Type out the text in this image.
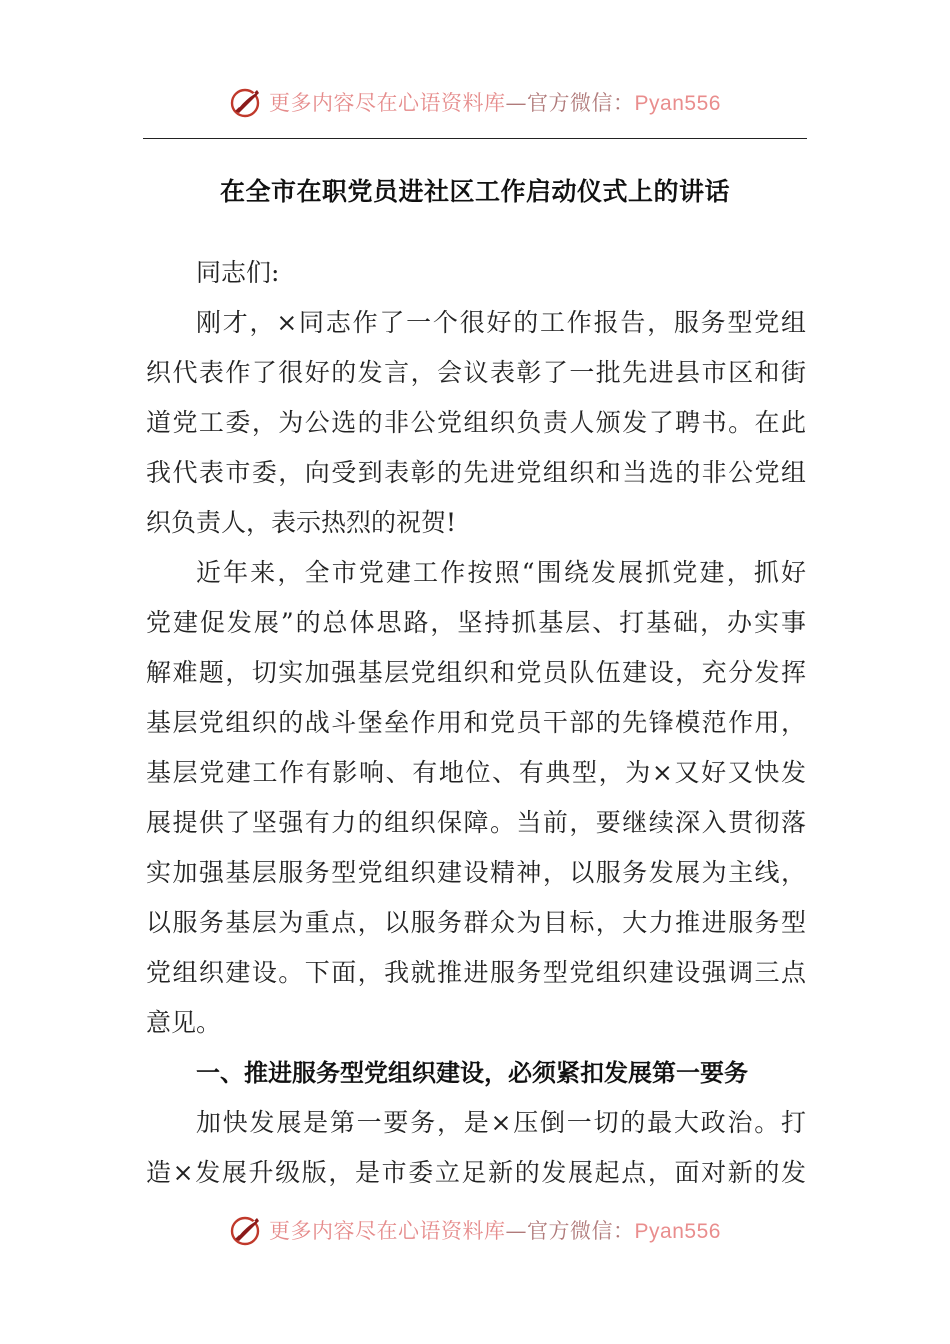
更多内容尽在心语资料库—官方微信：Pyan556
在全市在职党员进社区工作启动仪式上的讲话
同志们:
刚才，×同志作了一个很好的工作报告，服务型党组
织代表作了很好的发言，会议表彰了一批先进县市区和街
道党工委，为公选的非公党组织负责人颁发了聘书。在此
我代表市委，向受到表彰的先进党组织和当选的非公党组
织负责人，表示热烈的祝贺!
近年来，全市党建工作按照“围绕发展抓党建，抓好
党建促发展”的总体思路，坚持抓基层、打基础，办实事
解难题，切实加强基层党组织和党员队伍建设，充分发挥
基层党组织的战斗堡垒作用和党员干部的先锋模范作用，
基层党建工作有影响、有地位、有典型，为×又好又快发
展提供了坚强有力的组织保障。当前，要继续深入贯彻落
实加强基层服务型党组织建设精神，以服务发展为主线，
以服务基层为重点，以服务群众为目标，大力推进服务型
党组织建设。下面，我就推进服务型党组织建设强调三点
意见。
一、推进服务型党组织建设，必须紧扣发展第一要务
加快发展是第一要务，是×压倒一切的最大政治。打
造×发展升级版，是市委立足新的发展起点，面对新的发
更多内容尽在心语资料库—官方微信：Pyan556
